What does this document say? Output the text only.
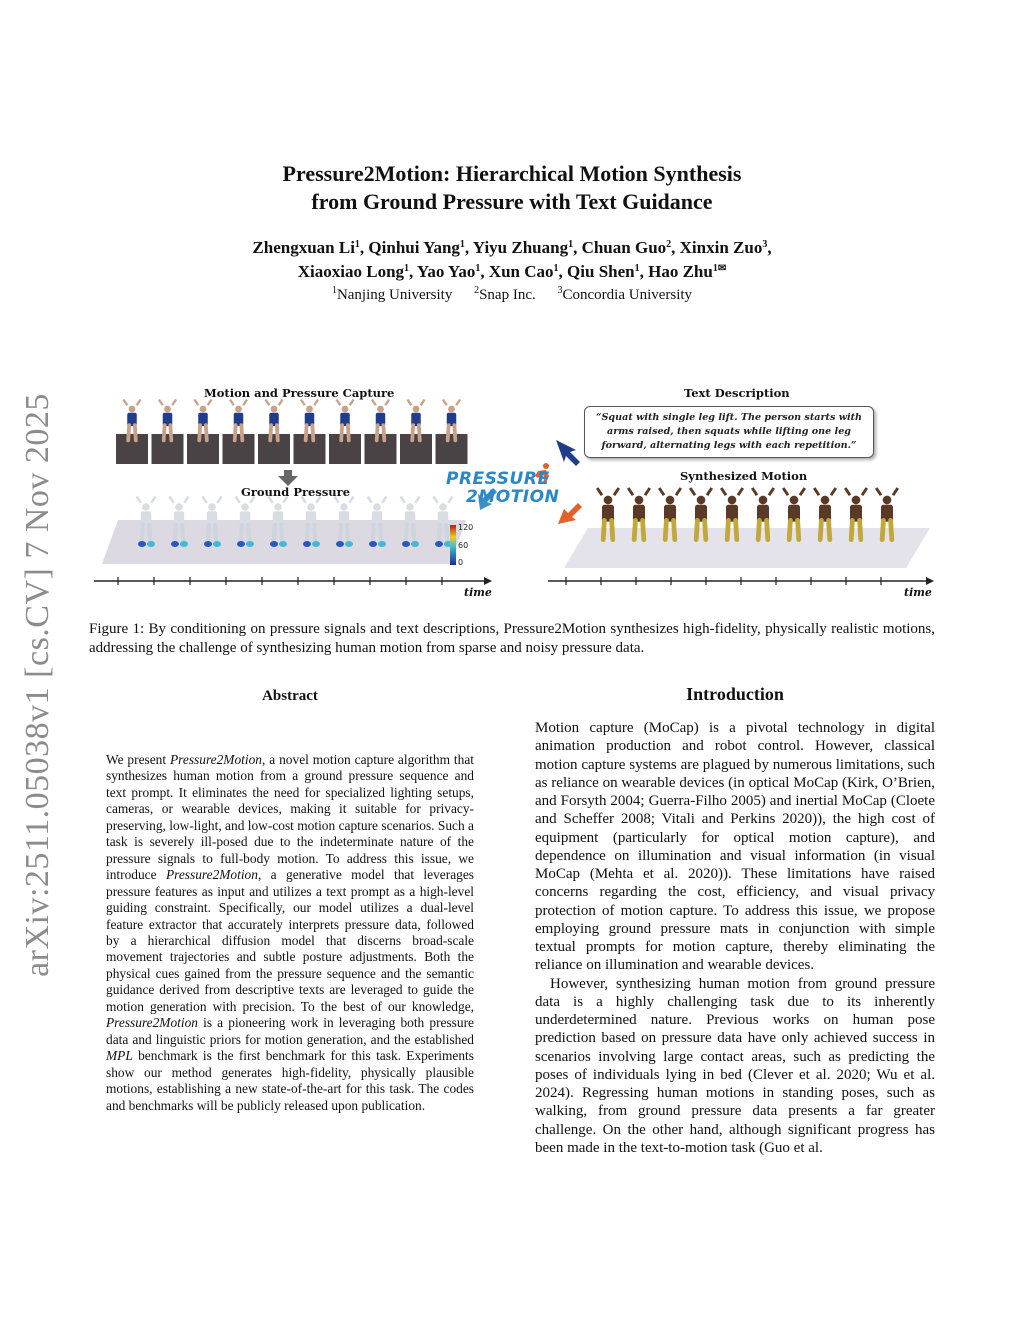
arXiv:2511.05038v1 [cs.CV] 7 Nov 2025
Pressure2Motion: Hierarchical Motion Synthesis
from Ground Pressure with Text Guidance
Zhengxuan Li$^1$, Qinhui Yang$^1$, Yiyu Zhuang$^1$, Chuan Guo$^2$, Xinxin Zuo$^3$,
Xiaoxiao Long$^1$, Yao Yao$^1$, Xun Cao$^1$, Qiu Shen$^1$, Hao Zhu$^{1✉}$
$^1$Nanjing University $^2$Snap Inc. $^3$Concordia University
Motion and Pressure Capture
Ground Pressure
Text Description
Synthesized Motion
“Squat with single leg lift. The person starts with arms raised, then squats while lifting one leg forward, alternating legs with each repetition.”
PRESSURE
2MOTION
120
60
0
time	time
Figure 1: By conditioning on pressure signals and text descriptions, Pressure2Motion synthesizes high-fidelity, physically realistic motions, addressing the challenge of synthesizing human motion from sparse and noisy pressure data.
Abstract
We present Pressure2Motion, a novel motion capture algorithm that synthesizes human motion from a ground pressure sequence and text prompt. It eliminates the need for specialized lighting setups, cameras, or wearable devices, making it suitable for privacy-preserving, low-light, and low-cost motion capture scenarios. Such a task is severely ill-posed due to the indeterminate nature of the pressure signals to full-body motion. To address this issue, we introduce Pressure2Motion, a generative model that leverages pressure features as input and utilizes a text prompt as a high-level guiding constraint. Specifically, our model utilizes a dual-level feature extractor that accurately interprets pressure data, followed by a hierarchical diffusion model that discerns broad-scale movement trajectories and subtle posture adjustments. Both the physical cues gained from the pressure sequence and the semantic guidance derived from descriptive texts are leveraged to guide the motion generation with precision. To the best of our knowledge, Pressure2Motion is a pioneering work in leveraging both pressure data and linguistic priors for motion generation, and the established MPL benchmark is the first benchmark for this task. Experiments show our method generates high-fidelity, physically plausible motions, establishing a new state-of-the-art for this task. The codes and benchmarks will be publicly released upon publication.
Introduction

Motion capture (MoCap) is a pivotal technology in digital animation production and robot control. However, classical motion capture systems are plagued by numerous limitations, such as reliance on wearable devices (in optical MoCap (Kirk, O’Brien, and Forsyth 2004; Guerra-Filho 2005) and inertial MoCap (Cloete and Scheffer 2008; Vitali and Perkins 2020)), the high cost of equipment (particularly for optical motion capture), and dependence on illumination and visual information (in visual MoCap (Mehta et al. 2020)). These limitations have raised concerns regarding the cost, efficiency, and visual privacy protection of motion capture. To address this issue, we propose employing ground pressure mats in conjunction with simple textual prompts for motion capture, thereby eliminating the reliance on illumination and wearable devices.

However, synthesizing human motion from ground pressure data is a highly challenging task due to its inherently underdetermined nature. Previous works on human pose prediction based on pressure data have only achieved success in scenarios involving large contact areas, such as predicting the poses of individuals lying in bed (Clever et al. 2020; Wu et al. 2024). Regressing human motions in standing poses, such as walking, from ground pressure data presents a far greater challenge. On the other hand, although significant progress has been made in the text-to-motion task (Guo et al.
